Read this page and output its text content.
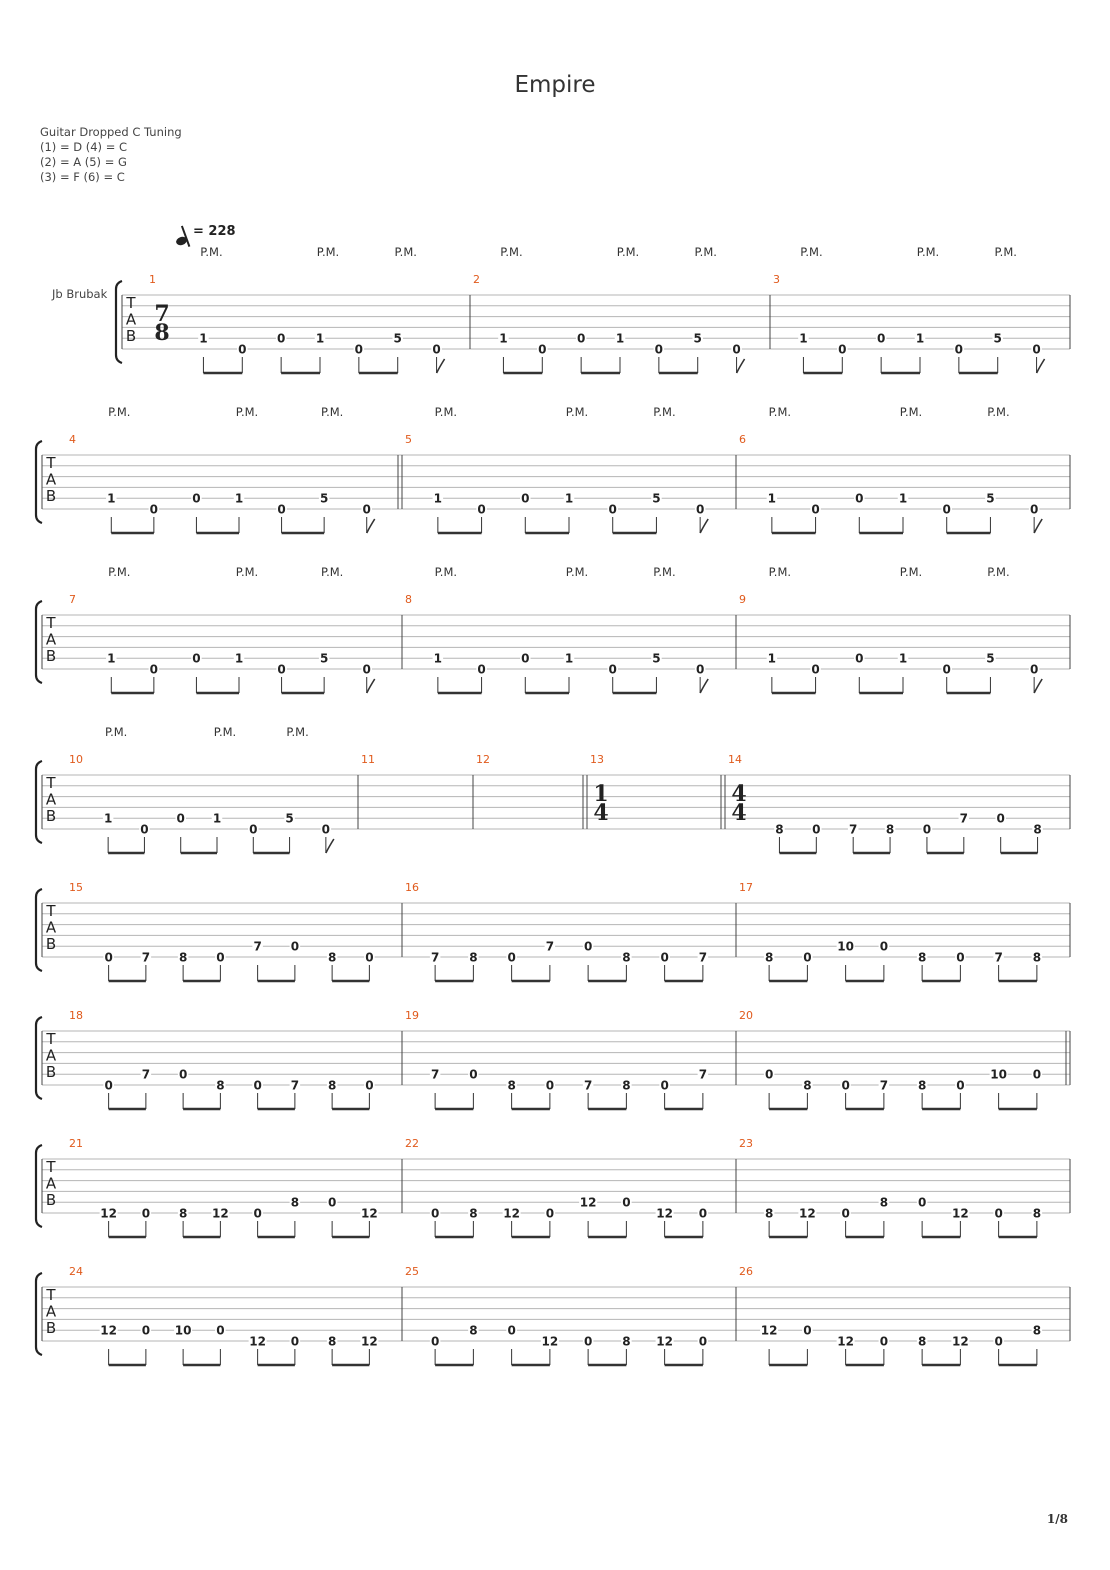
Empire
Guitar Dropped C Tuning
(1) = D (4) = C
(2) = A (5) = G
(3) = F (6) = C
= 228
Jb Brubak T
A
B
1
7
8
P.M.	P.M.	P.M.
1
0
0	1
0
5
0
2
P.M.	P.M.	P.M.
1
0
0	1
0
5
0
3
P.M.	P.M.	P.M.
1
0
0	1
0
5
0
T
A
B
4
P.M.	P.M.	P.M.
1
0
0	1
0
5
0
5
P.M.	P.M.	P.M.
1
0
0	1
0
5
0
6
P.M.	P.M.	P.M.
1
0
0	1
0
5
0
T
A
B
7
P.M.	P.M.	P.M.
1
0
0	1
0
5
0
8
P.M.	P.M.	P.M.
1
0
0	1
0
5
0
9
P.M.	P.M.	P.M.
1
0
0	1
0
5
0
T
A
B
10
P.M.	P.M.	P.M.
1
0
0 1
0
5
0
11	12	13
1
4
14
4
4
8 0 7 8 0
7 0
8
T
A
B
15
0 7 8 0
7 0
8 0
16
7 8 0
7 0
8 0 7
17
8 0
10 0
8 0 7 8
T
A
B
18
0
7 0
8 0 7 8 0
19
7 0
8 0 7 8 0
7
20
0
8 0 7 8 0
10 0
T
A
B
21
12 0 8 12 0
8 0
12
22
0 8 12 0
12 0
12 0
23
8 12 0
8 0
12 0 8
T
A
B
24
12 0 10 0
12 0 8 12
25
0
8 0
12 0 8 12 0
26
12 0
12 0 8 12 0
8
1/8
